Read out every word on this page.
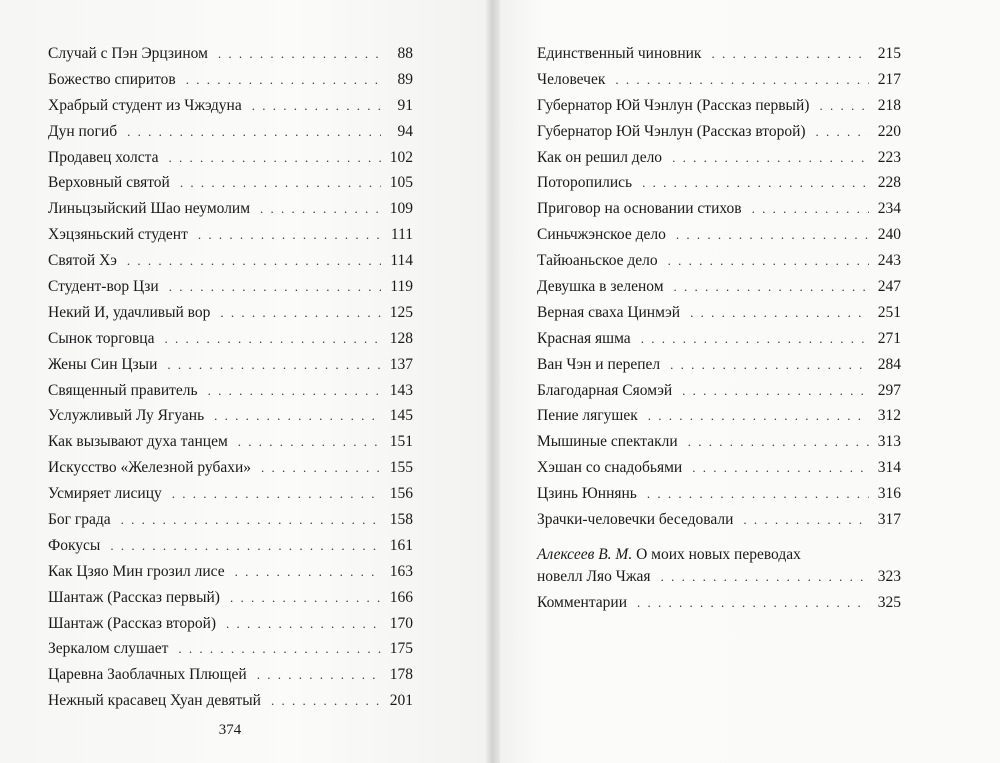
Случай с Пэн Эрцзином . . .	88
Божество спиритов . . .	89
Храбрый студент из Чжэдуна . . .	91
Дун погиб . . .	94
Продавец холста . . .	102
Верховный святой . . .	105
Линьцзыйский Шао неумолим . . .	109
Хэцзяньский студент . . .	111
Святой Хэ . . .	114
Студент-вор Цзи . . .	119
Некий И, удачливый вор . . .	125
Сынок торговца . . .	128
Жены Син Цзыи . . .	137
Священный правитель . . .	143
Услужливый Лу Ягуань . . .	145
Как вызывают духа танцем . . .	151
Искусство «Железной рубахи» . . .	155
Усмиряет лисицу . . .	156
Бог града . . .	158
Фокусы . . .	161
Как Цзяо Мин грозил лисе . . .	163
Шантаж (Рассказ первый) . . .	166
Шантаж (Рассказ второй) . . .	170
Зеркалом слушает . . .	175
Царевна Заоблачных Плющей . . .	178
Нежный красавец Хуан девятый . . .	201
374
Единственный чиновник . . .	215
Человечек . . .	217
Губернатор Юй Чэнлун (Рассказ первый) . . .	218
Губернатор Юй Чэнлун (Рассказ второй) . . .	220
Как он решил дело . . .	223
Поторопились . . .	228
Приговор на основании стихов . . .	234
Синьчжэнское дело . . .	240
Тайюаньское дело . . .	243
Девушка в зеленом . . .	247
Верная сваха Цинмэй . . .	251
Красная яшма . . .	271
Ван Чэн и перепел . . .	284
Благодарная Сяомэй . . .	297
Пение лягушек . . .	312
Мышиные спектакли . . .	313
Хэшан со снадобьями . . .	314
Цзинь Юннянь . . .	316
Зрачки-человечки беседовали . . .	317
Алексеев В. М. О моих новых переводах
новелл Ляо Чжая . . .	323
Комментарии . . .	325
